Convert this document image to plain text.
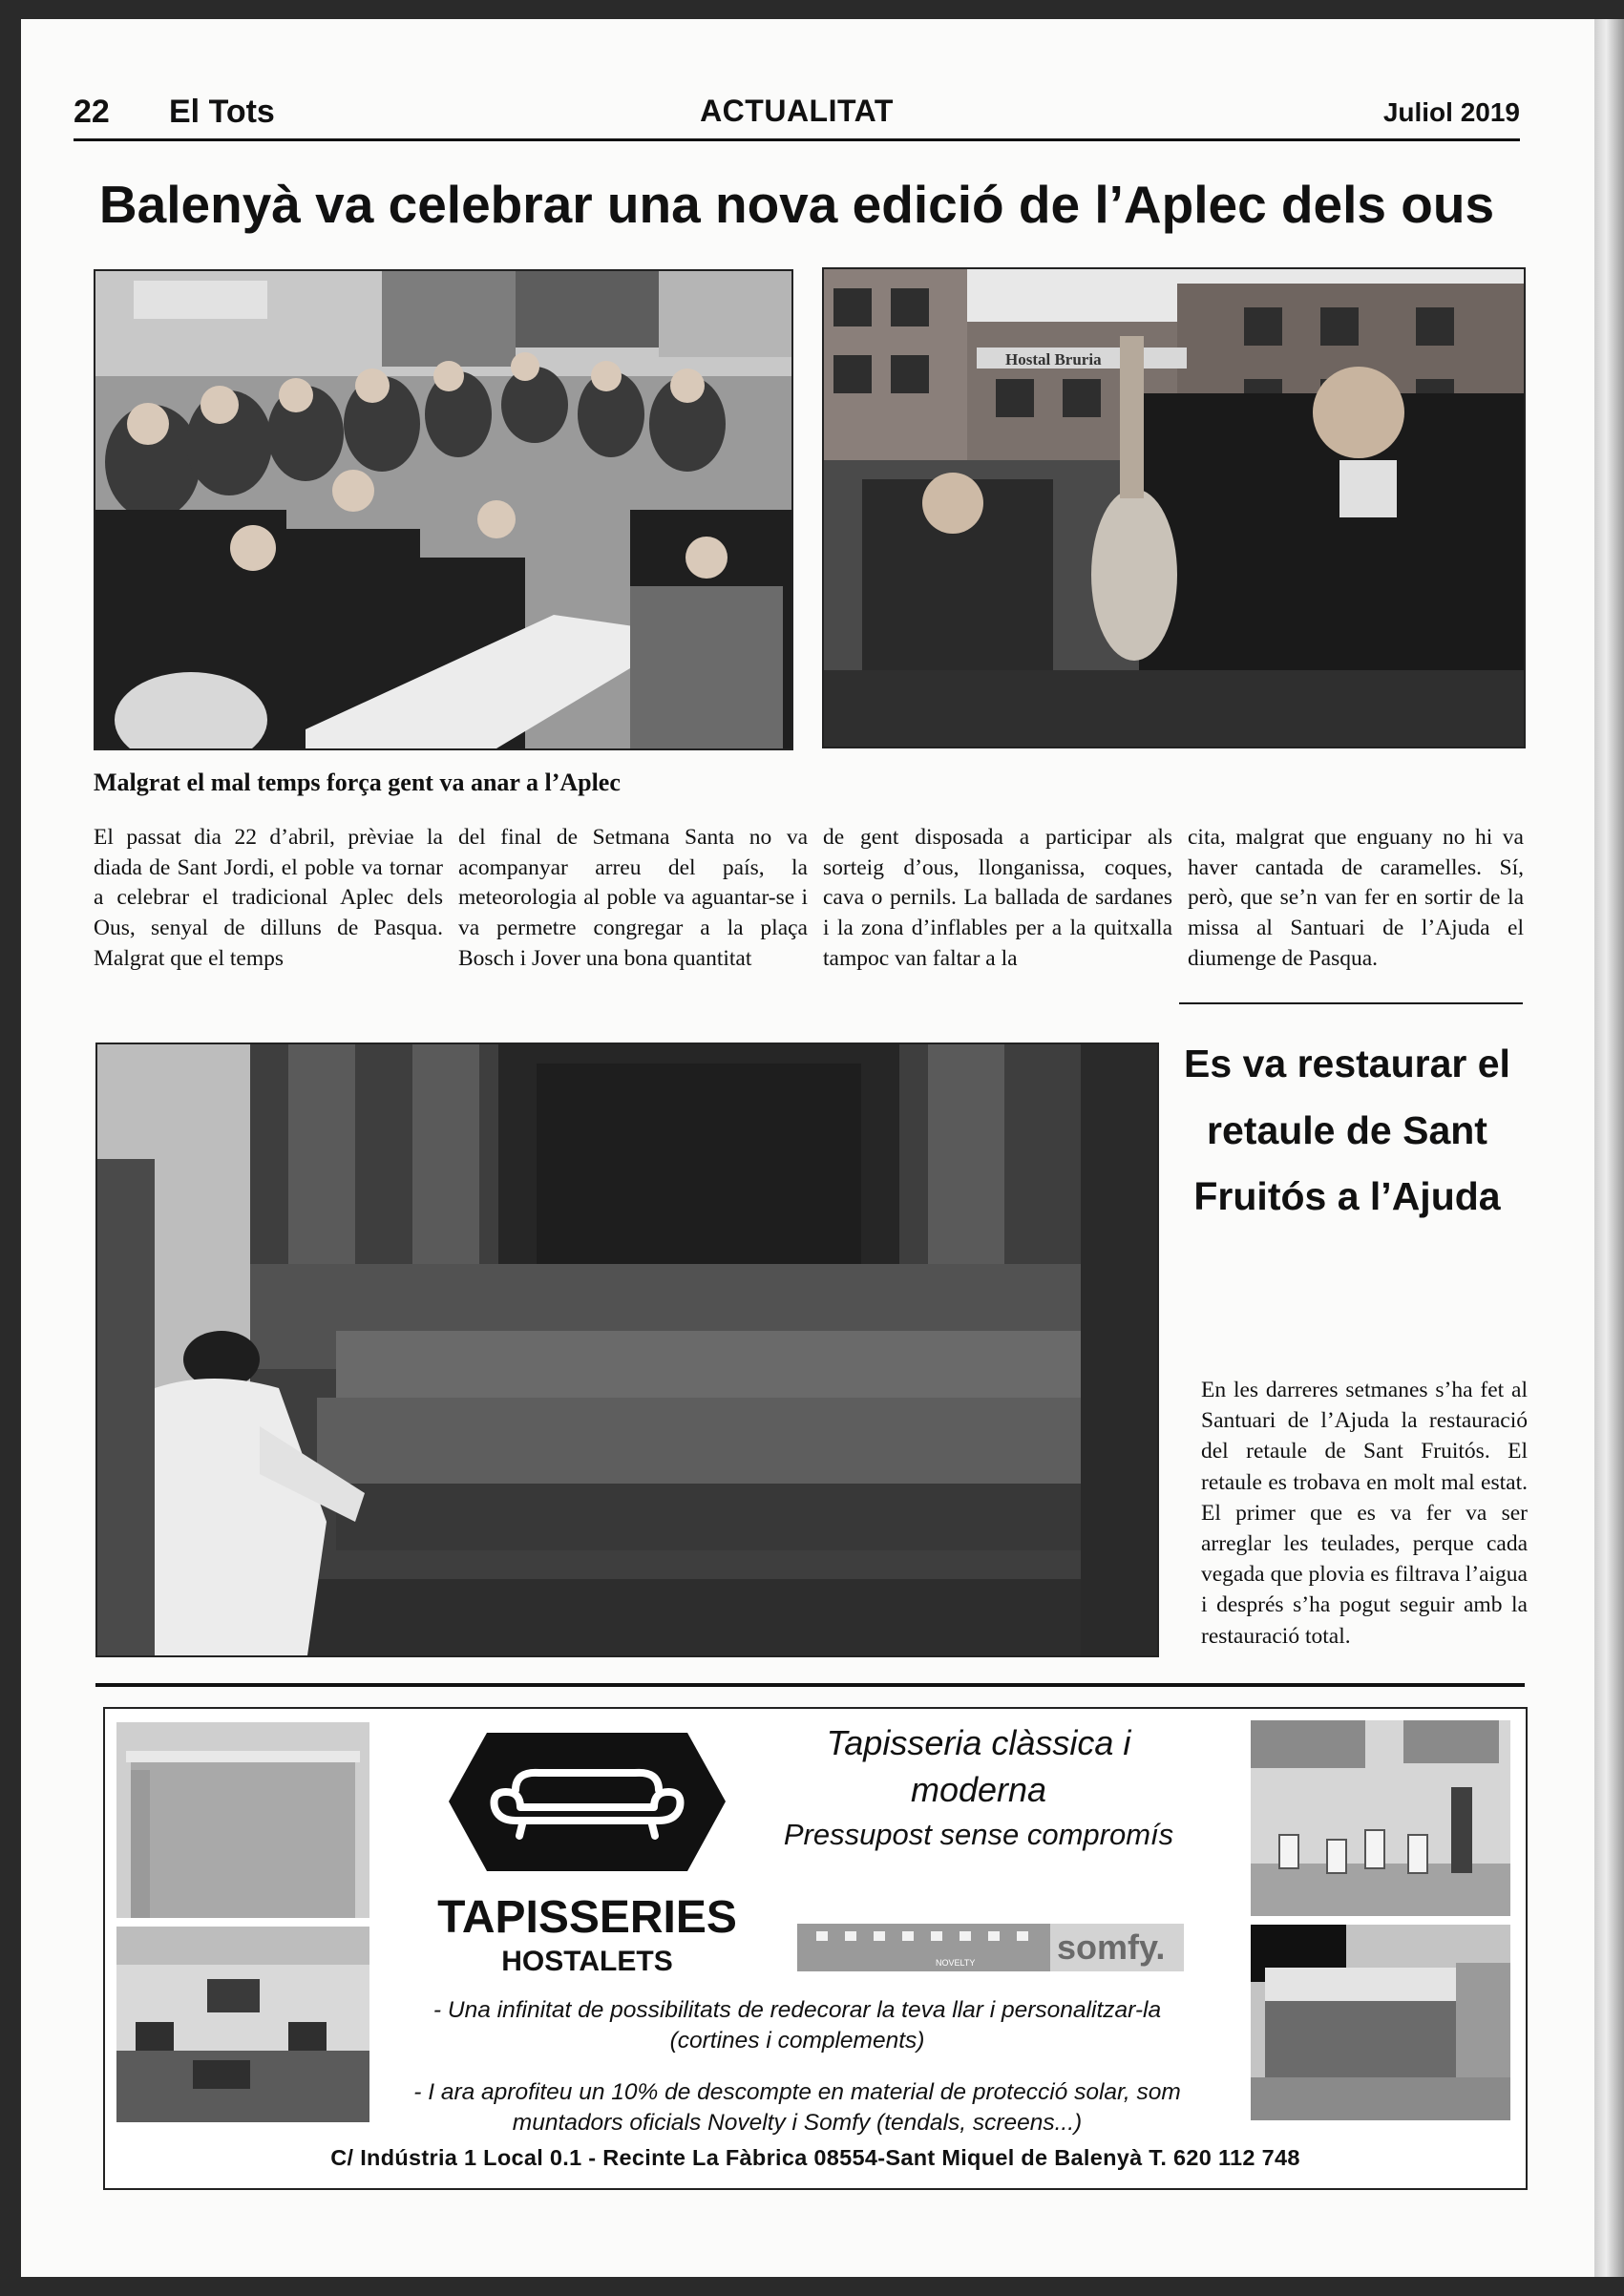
22 El Tots	ACTUALITAT	Juliol 2019
Balenyà va celebrar una nova edició de l’Aplec dels ous
Hostal Bruria

Malgrat el mal temps força gent va anar a l’Aplec

El passat dia 22 d’abril, prèviae la diada de Sant Jordi, el poble va tornar a celebrar el tradicional Aplec dels Ous, senyal de dilluns de Pasqua. Malgrat que el temps

del final de Setmana Santa no va acompanyar arreu del país, la meteorologia al poble va aguantar-se i va permetre congregar a la plaça Bosch i Jover una bona quantitat

de gent disposada a participar als sorteig d’ous, llonganissa, coques, cava o pernils. La ballada de sardanes i la zona d’inflables per a la quitxalla tampoc van faltar a la

cita, malgrat que enguany no hi va haver cantada de caramelles. Sí, però, que se’n van fer en sortir de la missa al Santuari de l’Ajuda el diumenge de Pasqua.

Es va restaurar el retaule de Sant Fruitós a l’Ajuda

En les darreres setmanes s’ha fet al Santuari de l’Ajuda la restauració del retaule de Sant Fruitós. El retaule es trobava en molt mal estat. El primer que es va fer va ser arreglar les teulades, perque cada vegada que plovia es filtrava l’aigua i després s’ha pogut seguir amb la restauració total.

TAPISSERIES
HOSTALETS

Tapisseria clàssica i moderna

Pressupost sense compromís

NOVELTY somfy.

- Una infinitat de possibilitats de redecorar la teva llar i personalitzar-la (cortines i complements)

- I ara aprofiteu un 10% de descompte en material de protecció solar, som muntadors oficials Novelty i Somfy (tendals, screens...)

C/ Indústria 1 Local 0.1 - Recinte La Fàbrica 08554-Sant Miquel de Balenyà T. 620 112 748
